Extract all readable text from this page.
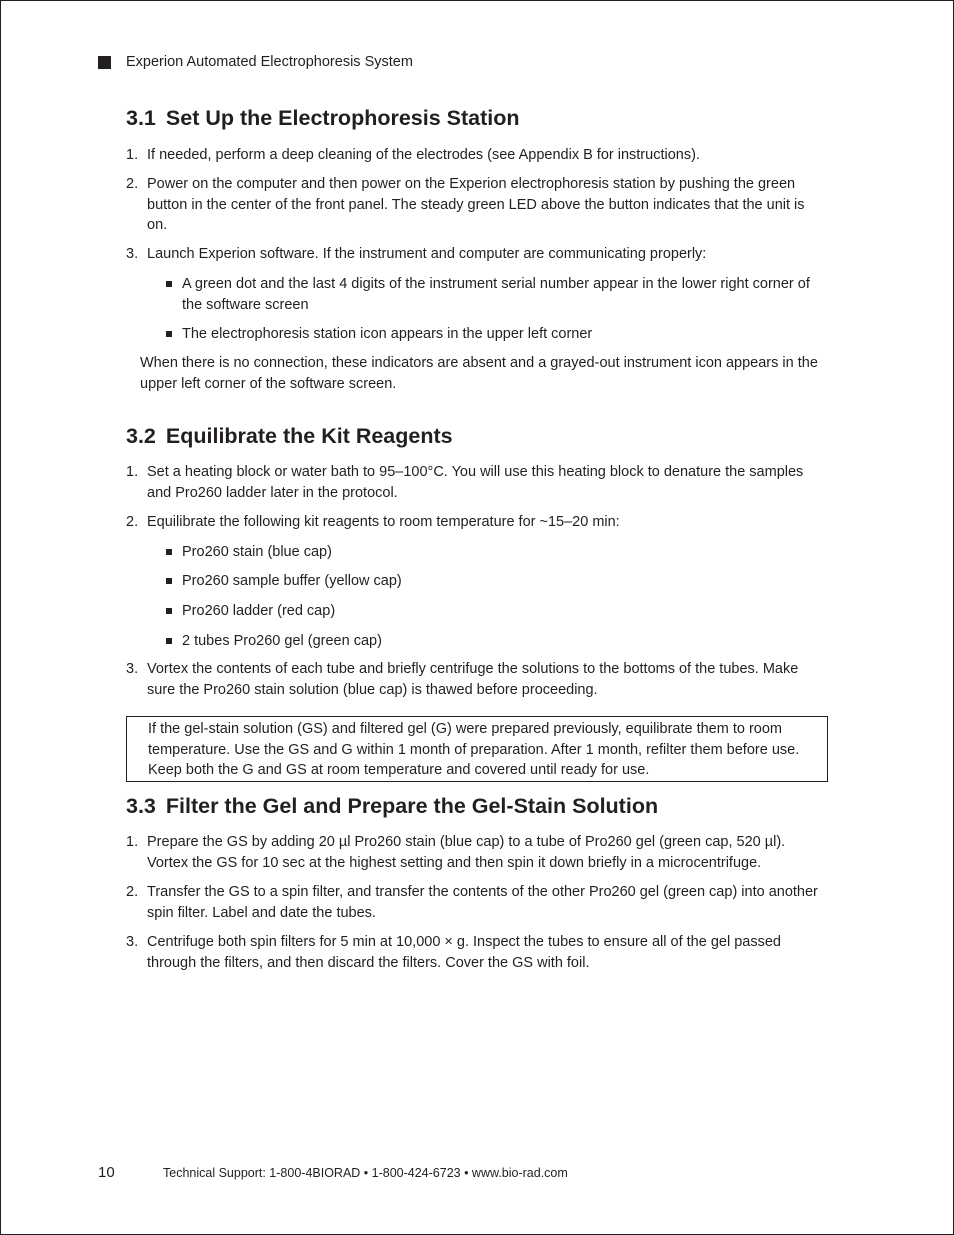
Experion Automated Electrophoresis System
3.1 Set Up the Electrophoresis Station
1. If needed, perform a deep cleaning of the electrodes (see Appendix B for instructions).
2. Power on the computer and then power on the Experion electrophoresis station by pushing the green button in the center of the front panel. The steady green LED above the button indicates that the unit is on.
3. Launch Experion software. If the instrument and computer are communicating properly:
A green dot and the last 4 digits of the instrument serial number appear in the lower right corner of the software screen
The electrophoresis station icon appears in the upper left corner
When there is no connection, these indicators are absent and a grayed-out instrument icon appears in the upper left corner of the software screen.
3.2 Equilibrate the Kit Reagents
1. Set a heating block or water bath to 95–100°C. You will use this heating block to denature the samples and Pro260 ladder later in the protocol.
2. Equilibrate the following kit reagents to room temperature for ~15–20 min:
Pro260 stain (blue cap)
Pro260 sample buffer (yellow cap)
Pro260 ladder (red cap)
2 tubes Pro260 gel (green cap)
3. Vortex the contents of each tube and briefly centrifuge the solutions to the bottoms of the tubes. Make sure the Pro260 stain solution (blue cap) is thawed before proceeding.
If the gel-stain solution (GS) and filtered gel (G) were prepared previously, equilibrate them to room temperature. Use the GS and G within 1 month of preparation. After 1 month, refilter them before use. Keep both the G and GS at room temperature and covered until ready for use.
3.3 Filter the Gel and Prepare the Gel-Stain Solution
1. Prepare the GS by adding 20 µl Pro260 stain (blue cap) to a tube of Pro260 gel (green cap, 520 µl). Vortex the GS for 10 sec at the highest setting and then spin it down briefly in a microcentrifuge.
2. Transfer the GS to a spin filter, and transfer the contents of the other Pro260 gel (green cap) into another spin filter. Label and date the tubes.
3. Centrifuge both spin filters for 5 min at 10,000 × g. Inspect the tubes to ensure all of the gel passed through the filters, and then discard the filters. Cover the GS with foil.
10	Technical Support: 1-800-4BIORAD • 1-800-424-6723 • www.bio-rad.com
